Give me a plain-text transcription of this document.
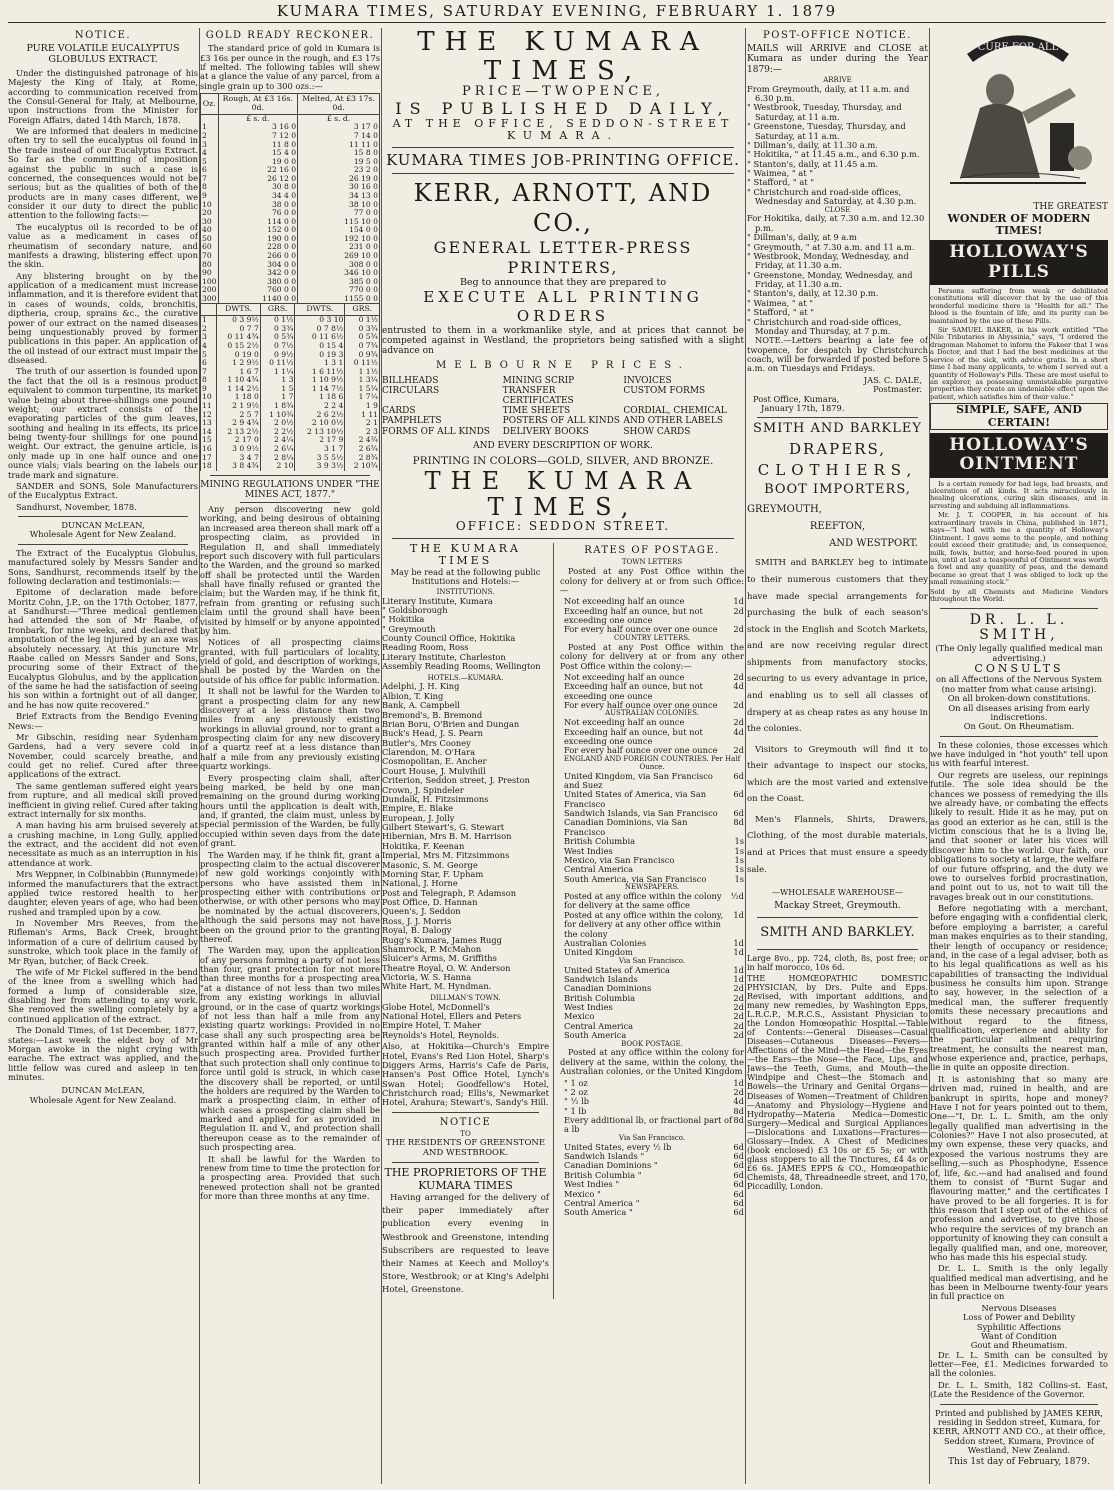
KUMARA TIMES, SATURDAY EVENING, FEBRUARY 1. 1879
NOTICE.
PURE VOLATILE EUCALYPTUS GLOBULUS EXTRACT.

Under the distinguished patronage of his Majesty the King of Italy, at Rome, according to communication received from the Consul-General for Italy, at Melbourne, upon instructions from the Minister for Foreign Affairs, dated 14th March, 1878.

We are informed that dealers in medicine often try to sell the eucalyptus oil found in the trade instead of our Eucalyptus Extract. So far as the committing of imposition against the public in such a case is concerned, the consequences would not be serious; but as the qualities of both of the products are in many cases different, we consider it our duty to direct the public attention to the following facts:—

The eucalyptus oil is recorded to be of value as a medicament in cases of rheumatism of secondary nature, and manifests a drawing, blistering effect upon the skin.

Any blistering brought on by the application of a medicament must increase inflammation, and it is therefore evident that in cases of wounds, colds, bronchitis, diptheria, croup, sprains &c., the curative power of our extract on the named diseases being unquestionably proved by former publications in this paper. An application of the oil instead of our extract must impair the diseased.

The truth of our assertion is founded upon the fact that the oil is a resinous product equivalent to common turpentine, its market value being about three-shillings one pound weight; our extract consists of the evaporating particles of the gum leaves, soothing and healing in its effects, its price being twenty-four shillings for one pound weight. Our extract, the genuine article, is only made up in one half ounce and one ounce vials; vials bearing on the labels our trade mark and signature.

SANDER and SONS, Sole Manufacturers of the Eucalyptus Extract.

Sandhurst, November, 1878.

DUNCAN McLEAN,
Wholesale Agent for New Zealand.

The Extract of the Eucalyptus Globulus, manufactured solely by Messrs Sander and Sons, Sandhurst, recommends itself by the following declaration and testimonials:—

Epitome of declaration made before Moritz Cohn, J.P., on the 17th October, 1877, at Sandhurst:—"Three medical gentlemen had attended the son of Mr Raabe, of Ironbark, for nine weeks, and declared that amputation of the leg injured by an axe was absolutely necessary. At this juncture Mr Raabe called on Messrs Sander and Sons, procuring some of their Extract of the Eucalyptus Globulus, and by the application of the same he had the satisfaction of seeing his son within a fortnight out of all danger, and he has now quite recovered."

Brief Extracts from the Bendigo Evening News:—

Mr Gibschin, residing near Sydenham Gardens, had a very severe cold in November, could scarcely breathe, and could get no relief. Cured after three applications of the extract.

The same gentleman suffered eight years from rupture, and all medical skill proved inefficient in giving relief. Cured after taking extract internally for six months.

A man having his arm bruised severely at a crushing machine, in Long Gully, applied the extract, and the accident did not even necessitate as much as an interruption in his attendance at work.

Mrs Weppner, in Colbinabbin (Runnymede) informed the manufacturers that the extract applied twice restored health to her daughter, eleven years of age, who had been rushed and trampled upon by a cow.

In November Mrs Reeves, from the Rifleman's Arms, Back Creek, brought information of a cure of delirium caused by sunstroke, which took place in the family of Mr Ryan, butcher, of Back Creek.

The wife of Mr Fickel suffered in the bend of the knee from a swelling which had formed a lump of considerable size, disabling her from attending to any work. She removed the swelling completely by a continued application of the extract.

The Donald Times, of 1st December, 1877, states:—Last week the eldest boy of Mr Morgan awoke in the night crying with earache. The extract was applied, and the little fellow was cured and asleep in ten minutes.

DUNCAN McLEAN,
Wholesale Agent for New Zealand.
GOLD READY RECKONER.

The standard price of gold in Kumara is £3 16s per ounce in the rough, and £3 17s if melted. The following tables will shew at a glance the value of any parcel, from a single grain up to 300 ozs.:—

Oz.	Rough, At £3 16s. 0d.	Melted, At £3 17s. 0d.
	£ s. d.	£ s. d.
1	3 16 0	3 17 0
2	7 12 0	7 14 0
3	11 8 0	11 11 0
4	15 4 0	15 8 0
5	19 0 0	19 5 0
6	22 16 0	23 2 0
7	26 12 0	26 19 0
8	30 8 0	30 16 0
9	34 4 0	34 13 0
10	38 0 0	38 10 0
20	76 0 0	77 0 0
30	114 0 0	115 10 0
40	152 0 0	154 0 0
50	190 0 0	192 10 0
60	228 0 0	231 0 0
70	266 0 0	269 10 0
80	304 0 0	308 0 0
90	342 0 0	346 10 0
100	380 0 0	385 0 0
200	760 0 0	770 0 0
300	1140 0 0	1155 0 0
	DWTS.	GRS.	DWTS.	GRS.
1	0 3 9½	0 1½	0 3 10	0 1½
2	0 7 7	0 3¾	0 7 8½	0 3¾
3	0 11 4¾	0 5¾	0 11 6½	0 5¾
4	0 15 2½	0 7½	0 15 4	0 7¾
5	0 19 0	0 9½	0 19 3	0 9¾
6	1 2 9½	0 11½	1 3 1	0 11½
7	1 6 7	1 1¼	1 6 11½	1 1½
8	1 10 4¾	1 3	1 10 9½	1 3¼
9	1 14 2½	1 5	1 14 7½	1 5¼
10	1 18 0	1 7	1 18 6	1 7¼
11	2 1 9½	1 8¾	2 2 4	1 9
12	2 5 7	1 10¾	2 6 2½	1 11
13	2 9 4¾	2 0½	2 10 0½	2 1
14	2 13 2½	2 2½	2 13 10½	2 3
15	2 17 0	2 4¼	2 17 9	2 4¾
16	3 0 9½	2 6¼	3 1 7	2 6¾
17	3 4 7	2 8¼	3 5 5½	2 8¾
18	3 8 4¾	2 10	3 9 3½	2 10¾
MINING REGULATIONS UNDER "THE MINES ACT, 1877."

Any person discovering new gold working, and being desirous of obtaining an increased area thereon shall mark off a prospecting claim, as provided in Regulation II, and shall immediately report such discovery with full particulars to the Warden, and the ground so marked off shall be protected until the Warden shall have finally refused or granted the claim; but the Warden may, if he think fit, refrain from granting or refusing such claim until the ground shall have been visited by himself or by anyone appointed by him.

Notices of all prospecting claims granted, with full particulars of locality, yield of gold, and description of workings, shall be posted by the Warden on the outside of his office for public information.

It shall not be lawful for the Warden to grant a prospecting claim for any new discovery at a less distance than two miles from any previously existing workings in alluvial ground, nor to grant a prospecting claim for any new discovery of a quartz reef at a less distance than half a mile from any previously existing quartz workings.

Every prospecting claim shall, after being marked, be held by one man remaining on the ground during working hours until the application is dealt with, and, if granted, the claim must, unless by special permission of the Warden, be fully occupied within seven days from the date of grant.

The Warden may, if he think fit, grant a prospecting claim to the actual discoverer of new gold workings conjointly with persons who have assisted them in prospecting either with contributions or otherwise, or with other persons who may be nominated by the actual discoverers, although the said persons may not have been on the ground prior to the granting thereof.

The Warden may, upon the application of any persons forming a party of not less than four, grant protection for not more than three months for a prospecting area "at a distance of not less than two miles from any existing workings in alluvial ground, or in the case of quartz workings of not less than half a mile from any existing quartz workings: Provided in no case shall any such prospecting area be granted within half a mile of any other such prospecting area. Provided further that such protection shall only continue to force until gold is struck, in which case the discovery shall be reported, or until the holders are required by the Warden to mark a prospecting claim, in either of which cases a prospecting claim shall be marked and applied for as provided in Regulation II. and V., and protection shall thereupon cease as to the remainder of such prospecting area.

It shall be lawful for the Warden to renew from time to time the protection for a prospecting area. Provided that such renewed protection shall not be granted for more than three months at any time.

THE KUMARA TIMES,
PRICE—TWOPENCE,
IS PUBLISHED DAILY,
AT THE OFFICE, SEDDON-STREET
KUMARA.
KUMARA TIMES JOB-PRINTING OFFICE.
KERR, ARNOTT, AND CO.,
GENERAL LETTER-PRESS PRINTERS,
Beg to announce that they are prepared to
EXECUTE ALL PRINTING ORDERS

entrusted to them in a workmanlike style, and at prices that cannot be competed against in Westland, the proprietors being satisfied with a slight advance on

MELBOURNE PRICES.
BILLHEADS	MINING SCRIP	INVOICES
CIRCULARS	TRANSFER CERTIFICATES
CUSTOM FORMS
CARDS	TIME SHEETS	CORDIAL, CHEMICAL
PAMPHLETS	POSTERS OF ALL KINDS AND OTHER LABELS
FORMS OF ALL KINDS	DELIVERY BOOKS	SHOW CARDS
AND EVERY DESCRIPTION OF WORK.
PRINTING IN COLORS—GOLD, SILVER, AND BRONZE.
THE KUMARA TIMES,
OFFICE: SEDDON STREET.
THE KUMARA TIMES

May be read at the following public Institutions and Hotels:—

INSTITUTIONS.
Literary Institute, Kumara
" Goldsborough
" Hokitika
" Greymouth
County Council Office, Hokitika
Reading Room, Ross
Literary Institute, Charleston
Assembly Reading Rooms, Wellington
HOTELS.—KUMARA.
Adelphi, J. H. King
Albion, T. King
Bank, A. Campbell
Bremond's, B. Bremond
Brian Boru, O'Brien and Dungan
Buck's Head, J. S. Pearn
Butler's, Mrs Cooney
Clarendon, M. O'Hara
Cosmopolitan, E. Ancher
Court House, J. Mulvihill
Criterion, Seddon street, J. Preston
Crown, J. Spindeler
Dundalk, H. Fitzsimmons
Empire, E. Blake
European, J. Jolly
Gilbert Stewart's, G. Stewart
Hibernian, Mrs B. M. Harrison
Hokitika, F. Keenan
Imperial, Mrs M. Fitzsimmons
Masonic, S. M. George
Morning Star, F. Upham
National, J. Horne
Post and Telegraph, P. Adamson
Post Office, D. Hannan
Queen's, J. Seddon
Ross, J. J. Morris
Royal, B. Dalogy
Rugg's Kumara, James Rugg
Shamrock, P. McMahon
Sluicer's Arms, M. Griffiths
Theatre Royal, O. W. Anderson
Victoria, W. S. Hanna
White Hart, M. Hyndman.
DILLMAN'S TOWN.
Globe Hotel, McDonnell's
National Hotel, Ellers and Peters
Empire Hotel, T. Maher
Reynolds's Hotel, Reynolds.

Also, at Hokitika—Church's Empire Hotel, Evans's Red Lion Hotel, Sharp's Diggers Arms, Harris's Cafe de Paris, Hansen's Post Office Hotel, Lynch's Swan Hotel; Goodfellow's Hotel, Christchurch road; Ellis's, Newmarket Hotel, Arahura; Stewart's, Sandy's Hill.

NOTICE
TO
THE RESIDENTS OF GREENSTONE AND WESTBROOK.
THE PROPRIETORS OF THE KUMARA TIMES

Having arranged for the delivery of their paper immediately after publication every evening in Westbrook and Greenstone, intending Subscribers are requested to leave their Names at Keech and Molloy's Store, Westbrook; or at King's Adelphi Hotel, Greenstone.

RATES OF POSTAGE.
TOWN LETTERS

Posted at any Post Office within the colony for delivery at or from such Office:—

Not exceeding half an ounce	1d
Exceeding half an ounce, but not exceeding one ounce
2d
For every half ounce over one ounce	2d
COUNTRY LETTERS.

Posted at any Post Office within the colony for delivery at or from any other Post Office within the colony:—

Not exceeding half an ounce	2d
Exceeding half an ounce, but not exceeding one ounce
4d
For every half ounce over one ounce	2d
AUSTRALIAN COLONIES.
Not exceeding half an ounce	2d
Exceeding half an ounce, but not exceeding one ounce
4d
For every half ounce over one ounce	2d
ENGLAND AND FOREIGN COUNTRIES. Per Half Ounce.
United Kingdom, via San Francisco and Suez
6d
United States of America, via San Francisco
6d
Sandwich Islands, via San Francisco	6d
Canadian Dominions, via San Francisco
8d
British Columbia	1s
West Indies	1s
Mexico, via San Francisco	1s
Central America	1s
South America, via San Francisco	1s
NEWSPAPERS.
Posted at any office within the colony for delivery at the same office
½d
Posted at any office within the colony, for delivery at any other office within the colony
1d
Australian Colonies	1d
United Kingdom	1d
Via San Francisco.
United States of America	1d
Sandwich Islands	1d
Canadian Dominions	2d
British Columbia	2d
West Indies	2d
Mexico	2d
Central America	2d
South America	2d
BOOK POSTAGE.

Posted at any office within the colony for delivery at the same, within the colony, the Australian colonies, or the United Kingdom

" 1 oz	1d
" 2 oz	2d
" ½ lb	4d
" 1 lb	8d
Every additional lb, or fractional part of a lb
8d
Via San Francisco.
United States, every ½ lb	6d
Sandwich Islands "	6d
Canadian Dominions "	6d
British Columbia "	6d
West Indies "	6d
Mexico "	6d
Central America "	6d
South America "	6d
POST-OFFICE NOTICE.

MAILS will ARRIVE and CLOSE at Kumara as under during the Year 1879:—

ARRIVE
From Greymouth, daily, at 11 a.m. and 6.30 p.m.
" Westbrook, Tuesday, Thursday, and Saturday, at 11 a.m.
" Greenstone, Tuesday, Thursday, and Saturday, at 11 a.m.
" Dillman's, daily, at 11.30 a.m.
" Hokitika, " at 11.45 a.m., and 6.30 p.m.
" Stanton's, daily, at 11.45 a.m.
" Waimea, " at "
" Stafford, " at "
" Christchurch and road-side offices, Wednesday and Saturday, at 4.30 p.m.
CLOSE
For Hokitika, daily, at 7.30 a.m. and 12.30 p.m.
" Dillman's, daily, at 9 a.m
" Greymouth, " at 7.30 a.m. and 11 a.m.
" Westbrook, Monday, Wednesday, and Friday, at 11.30 a.m.
" Greenstone, Monday, Wednesday, and Friday, at 11.30 a.m.
" Stanton's, daily, at 12.30 p.m.
" Waimea, " at "
" Stafford, " at "
" Christchurch and road-side offices, Monday and Thursday, at 7 p.m.

NOTE.—Letters bearing a late fee of twopence, for despatch by Christchurch coach, will be forwarded if posted before 5 a.m. on Tuesdays and Fridays.

JAS. C. DALE,
Postmaster.
Post Office, Kumara,
January 17th, 1879.
SMITH AND BARKLEY
DRAPERS,
CLOTHIERS,
BOOT IMPORTERS,
GREYMOUTH,
REEFTON,
AND WESTPORT.

SMITH and BARKLEY beg to intimate to their numerous customers that they have made special arrangements for purchasing the bulk of each season's stock in the English and Scotch Markets, and are now receiving regular direct shipments from manufactory stocks, securing to us every advantage in price, and enabling us to sell all classes of drapery at as cheap rates as any house in the colonies.

Visitors to Greymouth will find it to their advantage to inspect our stocks, which are the most varied and extensive on the Coast.

Men's Flannels, Shirts, Drawers, Clothing, of the most durable materials, and at Prices that must ensure a speedy sale.

—WHOLESALE WAREHOUSE—
Mackay Street, Greymouth.
SMITH AND BARKLEY.

Large 8vo., pp. 724, cloth, 8s, post free; or in half morocco, 10s 6d.

THE HOMŒOPATHIC DOMESTIC PHYSICIAN, by Drs. Pulte and Epps. Revised, with important additions, and many new remedies, by Washington Epps, L.R.C.P., M.R.C.S., Assistant Physician to the London Homœopathic Hospital.—Table of Contents:—General Diseases—Casual Diseases—Cutaneous Diseases—Fevers—Affections of the Mind—the Head—the Eyes—the Ears—the Nose—the Face, Lips, and Jaws—the Teeth, Gums, and Mouth—the Windpipe and Chest—the Stomach and Bowels—the Urinary and Genital Organs—Diseases of Women—Treatment of Children—Anatomy and Physiology—Hygiene and Hydropathy—Materia Medica—Domestic Surgery—Medical and Surgical Appliances—Dislocations and Luxations—Fractures—Glossary—Index. A Chest of Medicines (book enclosed) £3 10s or £5 5s; or with glass stoppers to all the Tinctures, £4 4s or £6 6s. JAMES EPPS & CO., Homœopathic Chemists, 48, Threadneedle street, and 170, Piccadilly, London.

CURE FOR ALL
THE GREATEST
WONDER OF MODERN TIMES!
HOLLOWAY'S PILLS

Persons suffering from weak or debilitated constitutions will discover that by the use of this wonderful medicine there is "Health for all." The blood is the fountain of life, and its purity can be maintained by the use of these Pills.

Sir SAMUEL BAKER, in his work entitled "The Nile Tributaries in Abyssinia," says, "I ordered the dragoman Mahomet to inform the Fakeer that I was a Doctor, and that I had the best medicines at the service of the sick, with advice gratis. In a short time I had many applicants, to whom I served out a quantity of Holloway's Pills. These are most useful to an explorer, as possessing unmistakable purgative properties they create an undeniable effect upon the patient, which satisfies him of their value."

SIMPLE, SAFE, AND CERTAIN!
HOLLOWAY'S OINTMENT

Is a certain remedy for bad legs, bad breasts, and ulcerations of all kinds. It acts miraculously in healing ulcerations, curing skin diseases, and in arresting and subduing all inflammations.

Mr. J. T. COOPER, in his account of his extraordinary travels in China, published in 1871, says—"I had with me a quantity of Holloway's Ointment. I gave some to the people, and nothing could exceed their gratitude; and, in consequence, milk, fowls, butter, and horse-feed poured in upon us, until at last a teaspoonful of Ointment was worth a fowl and any quantity of peas, and the demand became so great that I was obliged to lock up the small remaining stock."

Sold by all Chemists and Medicine Vendors throughout the World.

DR. L. L. SMITH,
(The Only legally qualified medical man advertising.)
CONSULTS
on all Affections of the Nervous System (no matter from what cause arising).
On all broken-down constitutions.
On all diseases arising from early indiscretions.
On Gout. On Rheumatism.

In these colonies, those excesses which we have indulged in "hot youth" tell upon us with fearful interest.

Our regrets are useless, our repinings futile. The sole idea should be the chances we possess of remedying the ills we already have, or combating the effects likely to result. Hide it as he may, put on as good an exterior as he can, still is the victim conscious that he is a living lie, and that sooner or later his vices will discover him to the world. Our faith, our obligations to society at large, the welfare of our future offspring, and the duty we owe to ourselves forbid procrastination, and point out to us, not to wait till the ravages break out in our constitutions.

Before negotiating with a merchant, before engaging with a confidential clerk, before employing a barrister, a careful man makes enquiries as to their standing, their length of occupancy or residence; and, in the case of a legal adviser, both as to his legal qualifications as well as his capabilities of transacting the individual business he consults him upon. Strange to say, however, in the selection of a medical man, the sufferer frequently omits these necessary precautions and without regard to the fitness, qualification, experience and ability for the particular ailment requiring treatment, he consults the nearest man, whose experience and, practice, perhaps, lie in quite an opposite direction.

It is astonishing that so many are driven mad, ruined in health, and are bankrupt in spirits, hope and money? Have I not for years pointed out to them, One—"I, Dr. L. L. Smith, am the only legally qualified man advertising in the Colonies?" Have I not also prosecuted, at my own expense, these very quacks, and exposed the various nostrums they are selling,—such as Phosphodyne, Essence of, life, &c.—and had analised and found them to consist of "Burnt Sugar and flavouring matter," and the certificates I have proved to be all forgeries. It is for this reason that I step out of the ethics of profession and advertise, to give those who require the services of my branch an opportunity of knowing they can consult a legally qualified man, and one, moreover, who has made this his especial study.

Dr. L. L. Smith is the only legally qualified medical man advertising, and he has been in Melbourne twenty-four years in full practice on

Nervous Diseases
Loss of Power and Debility
Syphilitic Affections
Want of Condition
Gout and Rheumatism.

Dr. L. L. Smith can be consulted by letter—Fee, £1. Medicines forwarded to all the colonies.

Dr. L. L. Smith, 182 Collins-st. East, (Late the Residence of the Governor.

Printed and published by JAMES KERR, residing in Seddon street, Kumara, for KERR, ARNOTT AND CO., at their office, Seddon street, Kumara, Province of Westland, New Zealand.

This 1st day of February, 1879.
